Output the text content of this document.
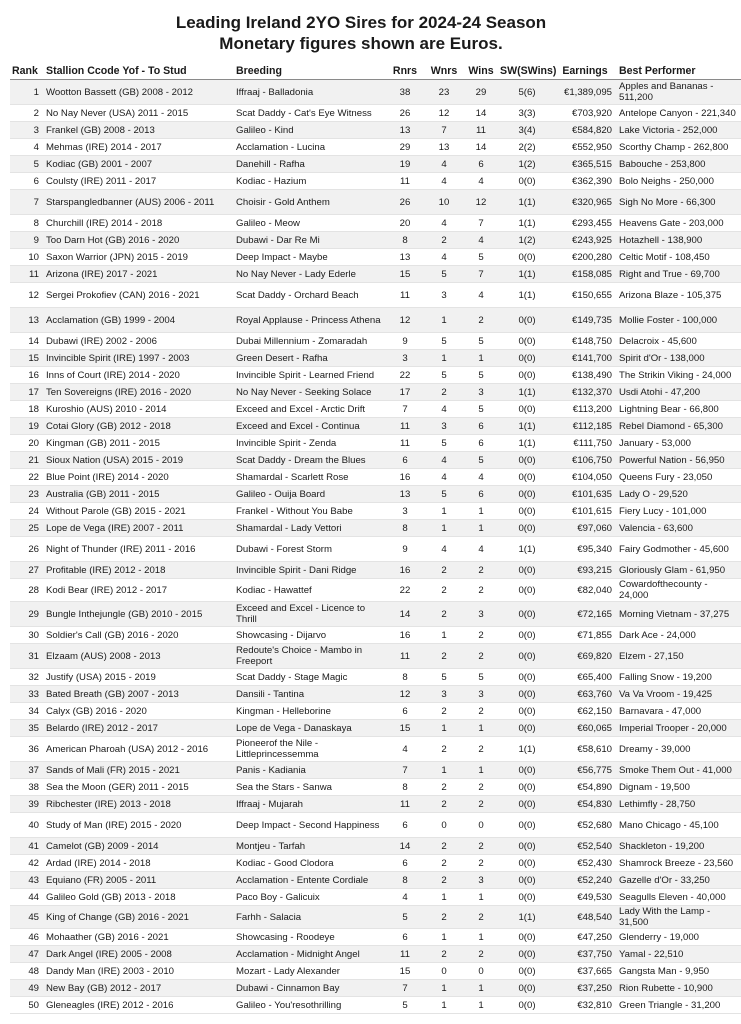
Leading Ireland 2YO Sires for 2024-24 Season
Monetary figures shown are Euros.
Rank	Stallion Ccode Yof - To Stud	Breeding	Rnrs	Wnrs	Wins	SW(SWins)	Earnings	Best Performer
1	Wootton Bassett (GB) 2008 - 2012	Iffraaj - Balladonia	38	23	29	5(6)	€1,389,095	Apples and Bananas - 511,200
2	No Nay Never (USA) 2011 - 2015	Scat Daddy - Cat's Eye Witness	26	12	14	3(3)	€703,920	Antelope Canyon - 221,340
3	Frankel (GB) 2008 - 2013	Galileo - Kind	13	7	11	3(4)	€584,820	Lake Victoria - 252,000
4	Mehmas (IRE) 2014 - 2017	Acclamation - Lucina	29	13	14	2(2)	€552,950	Scorthy Champ - 262,800
5	Kodiac (GB) 2001 - 2007	Danehill - Rafha	19	4	6	1(2)	€365,515	Babouche - 253,800
6	Coulsty (IRE) 2011 - 2017	Kodiac - Hazium	11	4	4	0(0)	€362,390	Bolo Neighs - 250,000
7	Starspangledbanner (AUS) 2006 - 2011	Choisir - Gold Anthem	26	10	12	1(1)	€320,965	Sigh No More - 66,300
8	Churchill (IRE) 2014 - 2018	Galileo - Meow	20	4	7	1(1)	€293,455	Heavens Gate - 203,000
9	Too Darn Hot (GB) 2016 - 2020	Dubawi - Dar Re Mi	8	2	4	1(2)	€243,925	Hotazhell - 138,900
10	Saxon Warrior (JPN) 2015 - 2019	Deep Impact - Maybe	13	4	5	0(0)	€200,280	Celtic Motif - 108,450
11	Arizona (IRE) 2017 - 2021	No Nay Never - Lady Ederle	15	5	7	1(1)	€158,085	Right and True - 69,700
12	Sergei Prokofiev (CAN) 2016 - 2021	Scat Daddy - Orchard Beach	11	3	4	1(1)	€150,655	Arizona Blaze - 105,375
13	Acclamation (GB) 1999 - 2004	Royal Applause - Princess Athena	12	1	2	0(0)	€149,735	Mollie Foster - 100,000
14	Dubawi (IRE) 2002 - 2006	Dubai Millennium - Zomaradah	9	5	5	0(0)	€148,750	Delacroix - 45,600
15	Invincible Spirit (IRE) 1997 - 2003	Green Desert - Rafha	3	1	1	0(0)	€141,700	Spirit d'Or - 138,000
16	Inns of Court (IRE) 2014 - 2020	Invincible Spirit - Learned Friend	22	5	5	0(0)	€138,490	The Strikin Viking - 24,000
17	Ten Sovereigns (IRE) 2016 - 2020	No Nay Never - Seeking Solace	17	2	3	1(1)	€132,370	Usdi Atohi - 47,200
18	Kuroshio (AUS) 2010 - 2014	Exceed and Excel - Arctic Drift	7	4	5	0(0)	€113,200	Lightning Bear - 66,800
19	Cotai Glory (GB) 2012 - 2018	Exceed and Excel - Continua	11	3	6	1(1)	€112,185	Rebel Diamond - 65,300
20	Kingman (GB) 2011 - 2015	Invincible Spirit - Zenda	11	5	6	1(1)	€111,750	January - 53,000
21	Sioux Nation (USA) 2015 - 2019	Scat Daddy - Dream the Blues	6	4	5	0(0)	€106,750	Powerful Nation - 56,950
22	Blue Point (IRE) 2014 - 2020	Shamardal - Scarlett Rose	16	4	4	0(0)	€104,050	Queens Fury - 23,050
23	Australia (GB) 2011 - 2015	Galileo - Ouija Board	13	5	6	0(0)	€101,635	Lady O - 29,520
24	Without Parole (GB) 2015 - 2021	Frankel - Without You Babe	3	1	1	0(0)	€101,615	Fiery Lucy - 101,000
25	Lope de Vega (IRE) 2007 - 2011	Shamardal - Lady Vettori	8	1	1	0(0)	€97,060	Valencia - 63,600
26	Night of Thunder (IRE) 2011 - 2016	Dubawi - Forest Storm	9	4	4	1(1)	€95,340	Fairy Godmother - 45,600
27	Profitable (IRE) 2012 - 2018	Invincible Spirit - Dani Ridge	16	2	2	0(0)	€93,215	Gloriously Glam - 61,950
28	Kodi Bear (IRE) 2012 - 2017	Kodiac - Hawattef	22	2	2	0(0)	€82,040	Cowardofthecounty - 24,000
29	Bungle Inthejungle (GB) 2010 - 2015	Exceed and Excel - Licence to Thrill	14	2	3	0(0)	€72,165	Morning Vietnam - 37,275
30	Soldier's Call (GB) 2016 - 2020	Showcasing - Dijarvo	16	1	2	0(0)	€71,855	Dark Ace - 24,000
31	Elzaam (AUS) 2008 - 2013	Redoute's Choice - Mambo in Freeport	11	2	2	0(0)	€69,820	Elzem - 27,150
32	Justify (USA) 2015 - 2019	Scat Daddy - Stage Magic	8	5	5	0(0)	€65,400	Falling Snow - 19,200
33	Bated Breath (GB) 2007 - 2013	Dansili - Tantina	12	3	3	0(0)	€63,760	Va Va Vroom - 19,425
34	Calyx (GB) 2016 - 2020	Kingman - Helleborine	6	2	2	0(0)	€62,150	Barnavara - 47,000
35	Belardo (IRE) 2012 - 2017	Lope de Vega - Danaskaya	15	1	1	0(0)	€60,065	Imperial Trooper - 20,000
36	American Pharoah (USA) 2012 - 2016	Pioneerof the Nile - Littleprincessemma	4	2	2	1(1)	€58,610	Dreamy - 39,000
37	Sands of Mali (FR) 2015 - 2021	Panis - Kadiania	7	1	1	0(0)	€56,775	Smoke Them Out - 41,000
38	Sea the Moon (GER) 2011 - 2015	Sea the Stars - Sanwa	8	2	2	0(0)	€54,890	Dignam - 19,500
39	Ribchester (IRE) 2013 - 2018	Iffraaj - Mujarah	11	2	2	0(0)	€54,830	Lethimfly - 28,750
40	Study of Man (IRE) 2015 - 2020	Deep Impact - Second Happiness	6	0	0	0(0)	€52,680	Mano Chicago - 45,100
41	Camelot (GB) 2009 - 2014	Montjeu - Tarfah	14	2	2	0(0)	€52,540	Shackleton - 19,200
42	Ardad (IRE) 2014 - 2018	Kodiac - Good Clodora	6	2	2	0(0)	€52,430	Shamrock Breeze - 23,560
43	Equiano (FR) 2005 - 2011	Acclamation - Entente Cordiale	8	2	3	0(0)	€52,240	Gazelle d'Or - 33,250
44	Galileo Gold (GB) 2013 - 2018	Paco Boy - Galicuix	4	1	1	0(0)	€49,530	Seagulls Eleven - 40,000
45	King of Change (GB) 2016 - 2021	Farhh - Salacia	5	2	2	1(1)	€48,540	Lady With the Lamp - 31,500
46	Mohaather (GB) 2016 - 2021	Showcasing - Roodeye	6	1	1	0(0)	€47,250	Glenderry - 19,000
47	Dark Angel (IRE) 2005 - 2008	Acclamation - Midnight Angel	11	2	2	0(0)	€37,750	Yamal - 22,510
48	Dandy Man (IRE) 2003 - 2010	Mozart - Lady Alexander	15	0	0	0(0)	€37,665	Gangsta Man - 9,950
49	New Bay (GB) 2012 - 2017	Dubawi - Cinnamon Bay	7	1	1	0(0)	€37,250	Rion Rubette - 10,900
50	Gleneagles (IRE) 2012 - 2016	Galileo - You'resothrilling	5	1	1	0(0)	€32,810	Green Triangle - 31,200
